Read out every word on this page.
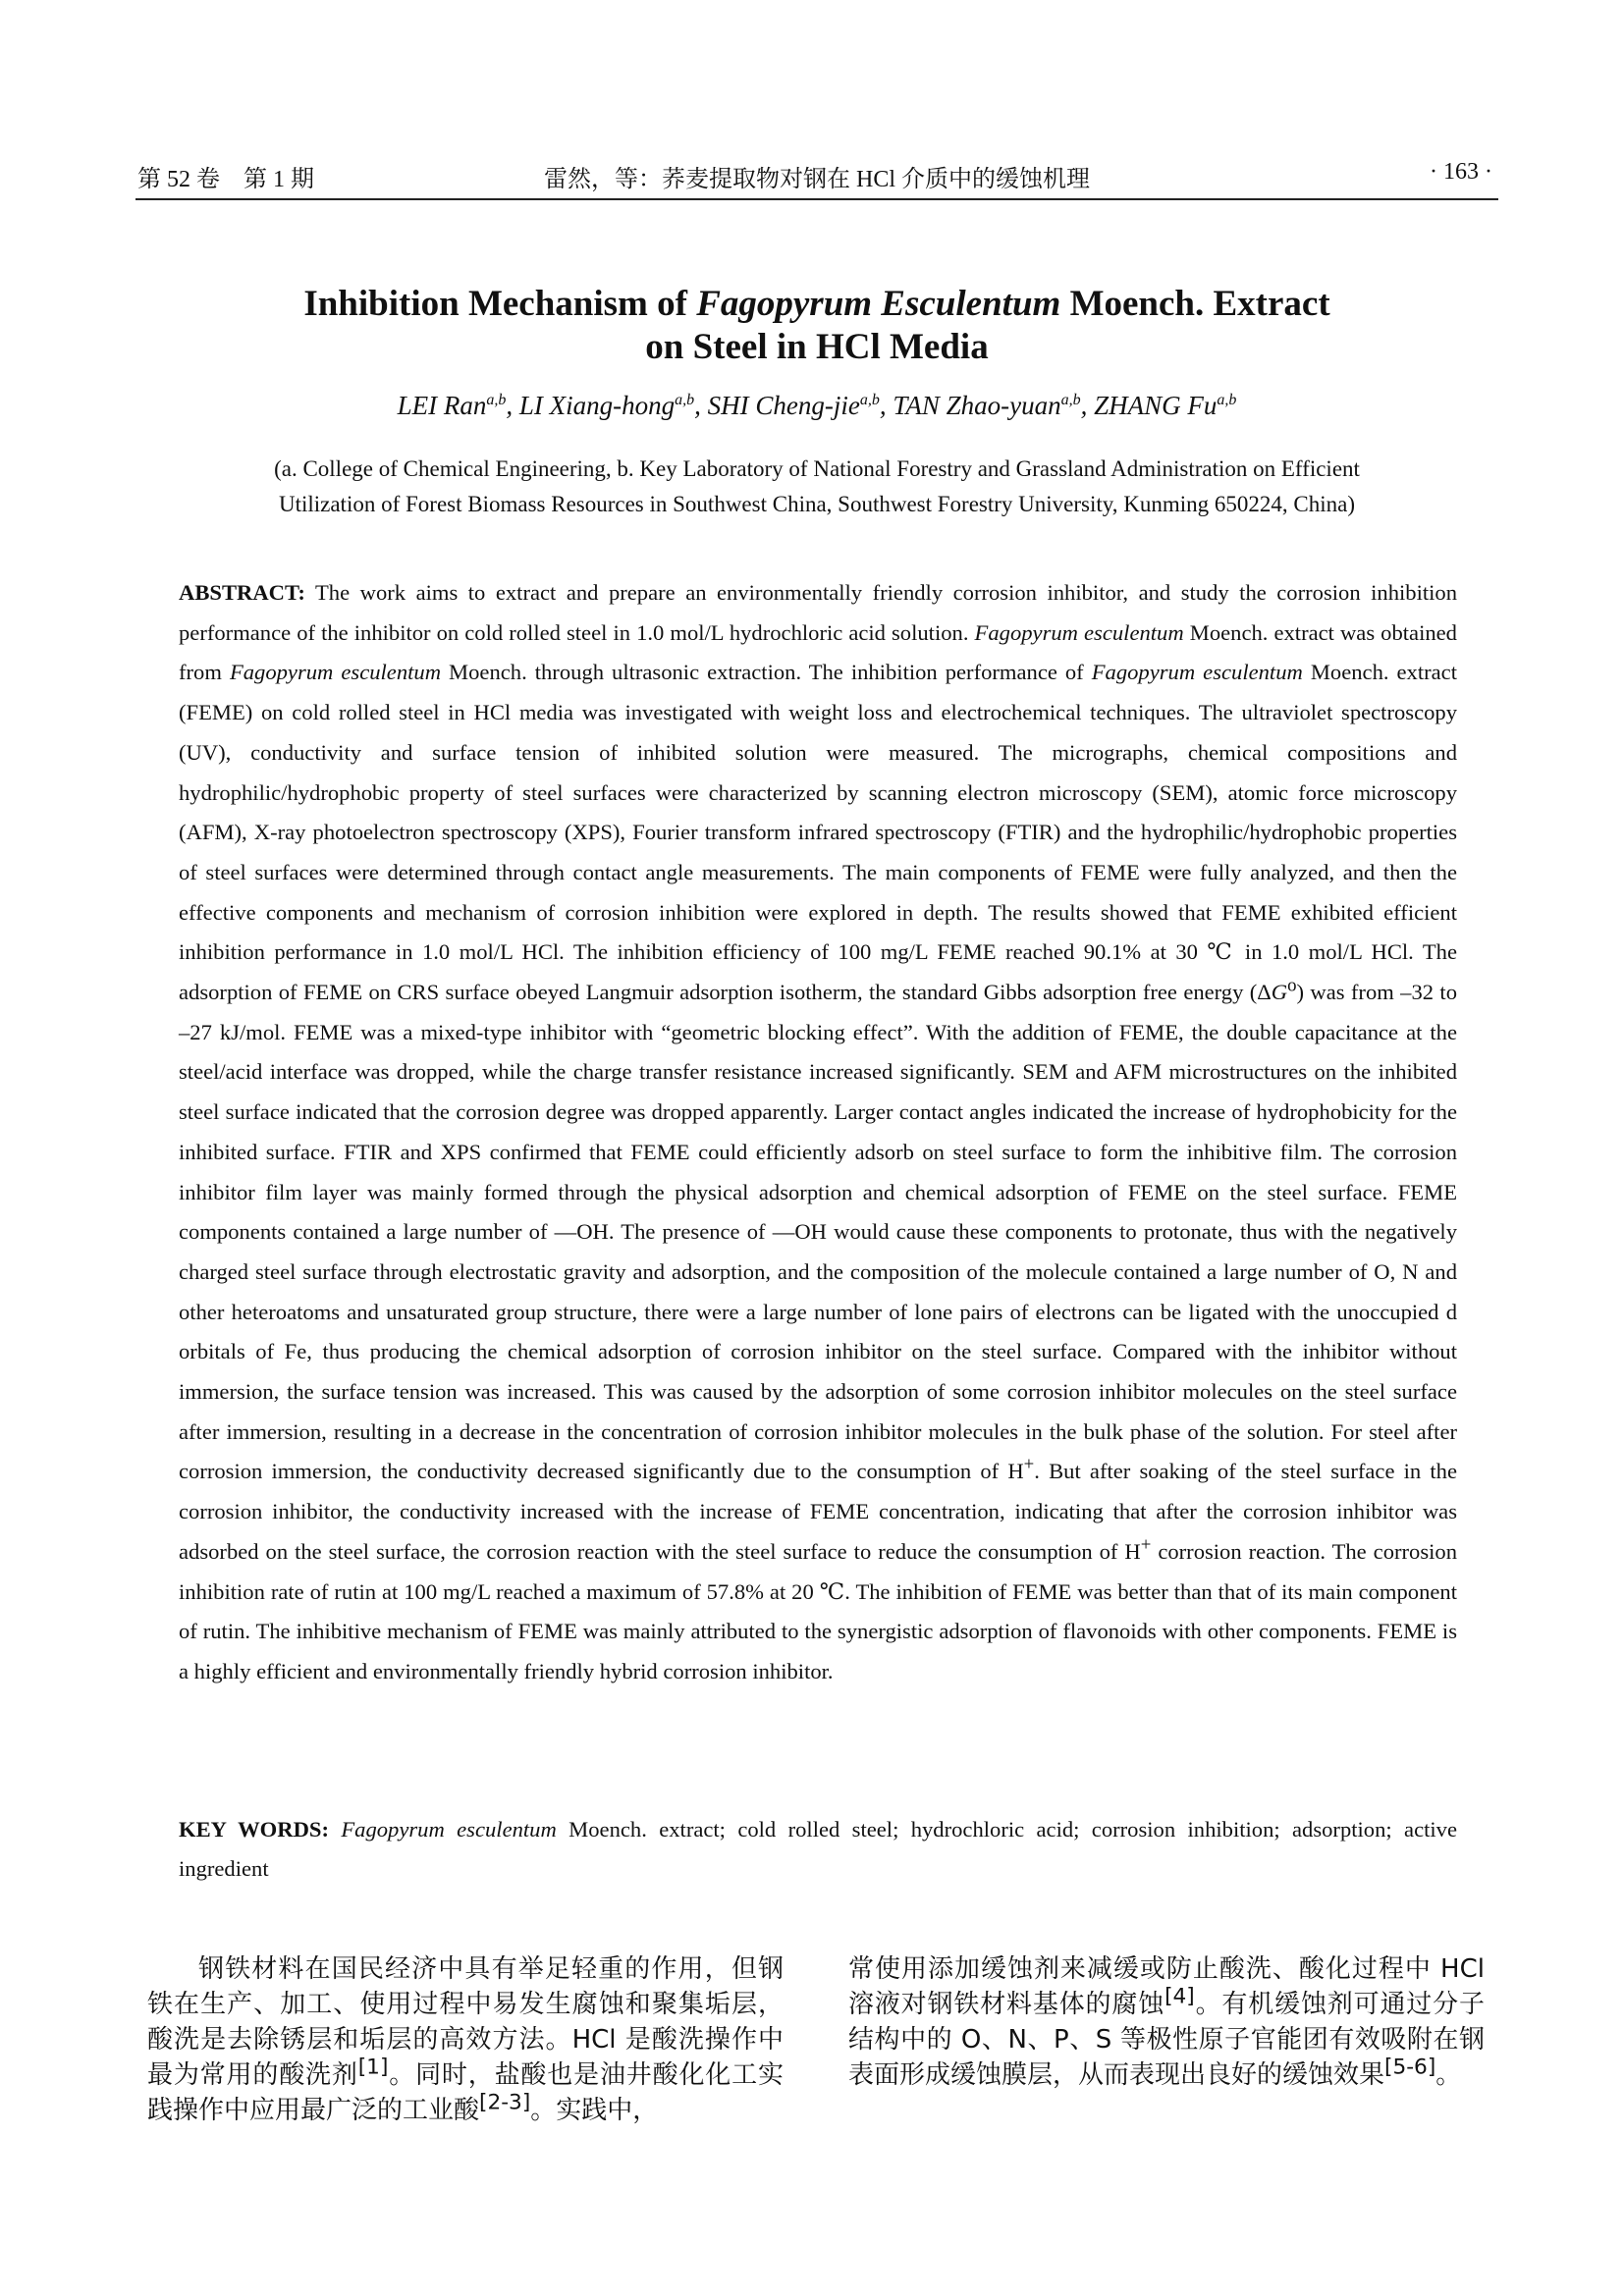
第 52 卷　第 1 期	雷然，等：荞麦提取物对钢在 HCl 介质中的缓蚀机理	· 163 ·
Inhibition Mechanism of Fagopyrum Esculentum Moench. Extract
on Steel in HCl Media
LEI Ran$^{a,b}$, LI Xiang-hong$^{a,b}$, SHI Cheng-jie$^{a,b}$, TAN Zhao-yuan$^{a,b}$, ZHANG Fu$^{a,b}$
(a. College of Chemical Engineering, b. Key Laboratory of National Forestry and Grassland Administration on Efficient
Utilization of Forest Biomass Resources in Southwest China, Southwest Forestry University, Kunming 650224, China)
ABSTRACT: The work aims to extract and prepare an environmentally friendly corrosion inhibitor, and study the corrosion inhibition performance of the inhibitor on cold rolled steel in 1.0 mol/L hydrochloric acid solution. Fagopyrum esculentum Moench. extract was obtained from Fagopyrum esculentum Moench. through ultrasonic extraction. The inhibition performance of Fagopyrum esculentum Moench. extract (FEME) on cold rolled steel in HCl media was investigated with weight loss and electrochemical techniques. The ultraviolet spectroscopy (UV), conductivity and surface tension of inhibited solution were measured. The micrographs, chemical compositions and hydrophilic/hydrophobic property of steel surfaces were characterized by scanning electron microscopy (SEM), atomic force microscopy (AFM), X-ray photoelectron spectroscopy (XPS), Fourier transform infrared spectroscopy (FTIR) and the hydrophilic/hydrophobic properties of steel surfaces were determined through contact angle measurements. The main components of FEME were fully analyzed, and then the effective components and mechanism of corrosion inhibition were explored in depth. The results showed that FEME exhibited efficient inhibition performance in 1.0 mol/L HCl. The inhibition efficiency of 100 mg/L FEME reached 90.1% at 30 ℃ in 1.0 mol/L HCl. The adsorption of FEME on CRS surface obeyed Langmuir adsorption isotherm, the standard Gibbs adsorption free energy $(\Delta G^o)$ was from –32 to –27 kJ/mol. FEME was a mixed-type inhibitor with “geometric blocking effect”. With the addition of FEME, the double capacitance at the steel/acid interface was dropped, while the charge transfer resistance increased significantly. SEM and AFM microstructures on the inhibited steel surface indicated that the corrosion degree was dropped apparently. Larger contact angles indicated the increase of hydrophobicity for the inhibited surface. FTIR and XPS confirmed that FEME could efficiently adsorb on steel surface to form the inhibitive film. The corrosion inhibitor film layer was mainly formed through the physical adsorption and chemical adsorption of FEME on the steel surface. FEME components contained a large number of —OH. The presence of —OH would cause these components to protonate, thus with the negatively charged steel surface through electrostatic gravity and adsorption, and the composition of the molecule contained a large number of O, N and other heteroatoms and unsaturated group structure, there were a large number of lone pairs of electrons can be ligated with the unoccupied d orbitals of Fe, thus producing the chemical adsorption of corrosion inhibitor on the steel surface. Compared with the inhibitor without immersion, the surface tension was increased. This was caused by the adsorption of some corrosion inhibitor molecules on the steel surface after immersion, resulting in a decrease in the concentration of corrosion inhibitor molecules in the bulk phase of the solution. For steel after corrosion immersion, the conductivity decreased significantly due to the consumption of H+. But after soaking of the steel surface in the corrosion inhibitor, the conductivity increased with the increase of FEME concentration, indicating that after the corrosion inhibitor was adsorbed on the steel surface, the corrosion reaction with the steel surface to reduce the consumption of H+ corrosion reaction. The corrosion inhibition rate of rutin at 100 mg/L reached a maximum of 57.8% at 20 ℃. The inhibition of FEME was better than that of its main component of rutin. The inhibitive mechanism of FEME was mainly attributed to the synergistic adsorption of flavonoids with other components. FEME is a highly efficient and environmentally friendly hybrid corrosion inhibitor.
KEY WORDS: Fagopyrum esculentum Moench. extract; cold rolled steel; hydrochloric acid; corrosion inhibition; adsorption; active ingredient
钢铁材料在国民经济中具有举足轻重的作用，但钢铁在生产、加工、使用过程中易发生腐蚀和聚集垢层，酸洗是去除锈层和垢层的高效方法。HCl 是酸洗操作中最为常用的酸洗剂[1]。同时，盐酸也是油井酸化化工实践操作中应用最广泛的工业酸[2-3]。实践中，
常使用添加缓蚀剂来减缓或防止酸洗、酸化过程中 HCl 溶液对钢铁材料基体的腐蚀[4]。有机缓蚀剂可通过分子结构中的 O、N、P、S 等极性原子官能团有效吸附在钢表面形成缓蚀膜层，从而表现出良好的缓蚀效果[5-6]。
